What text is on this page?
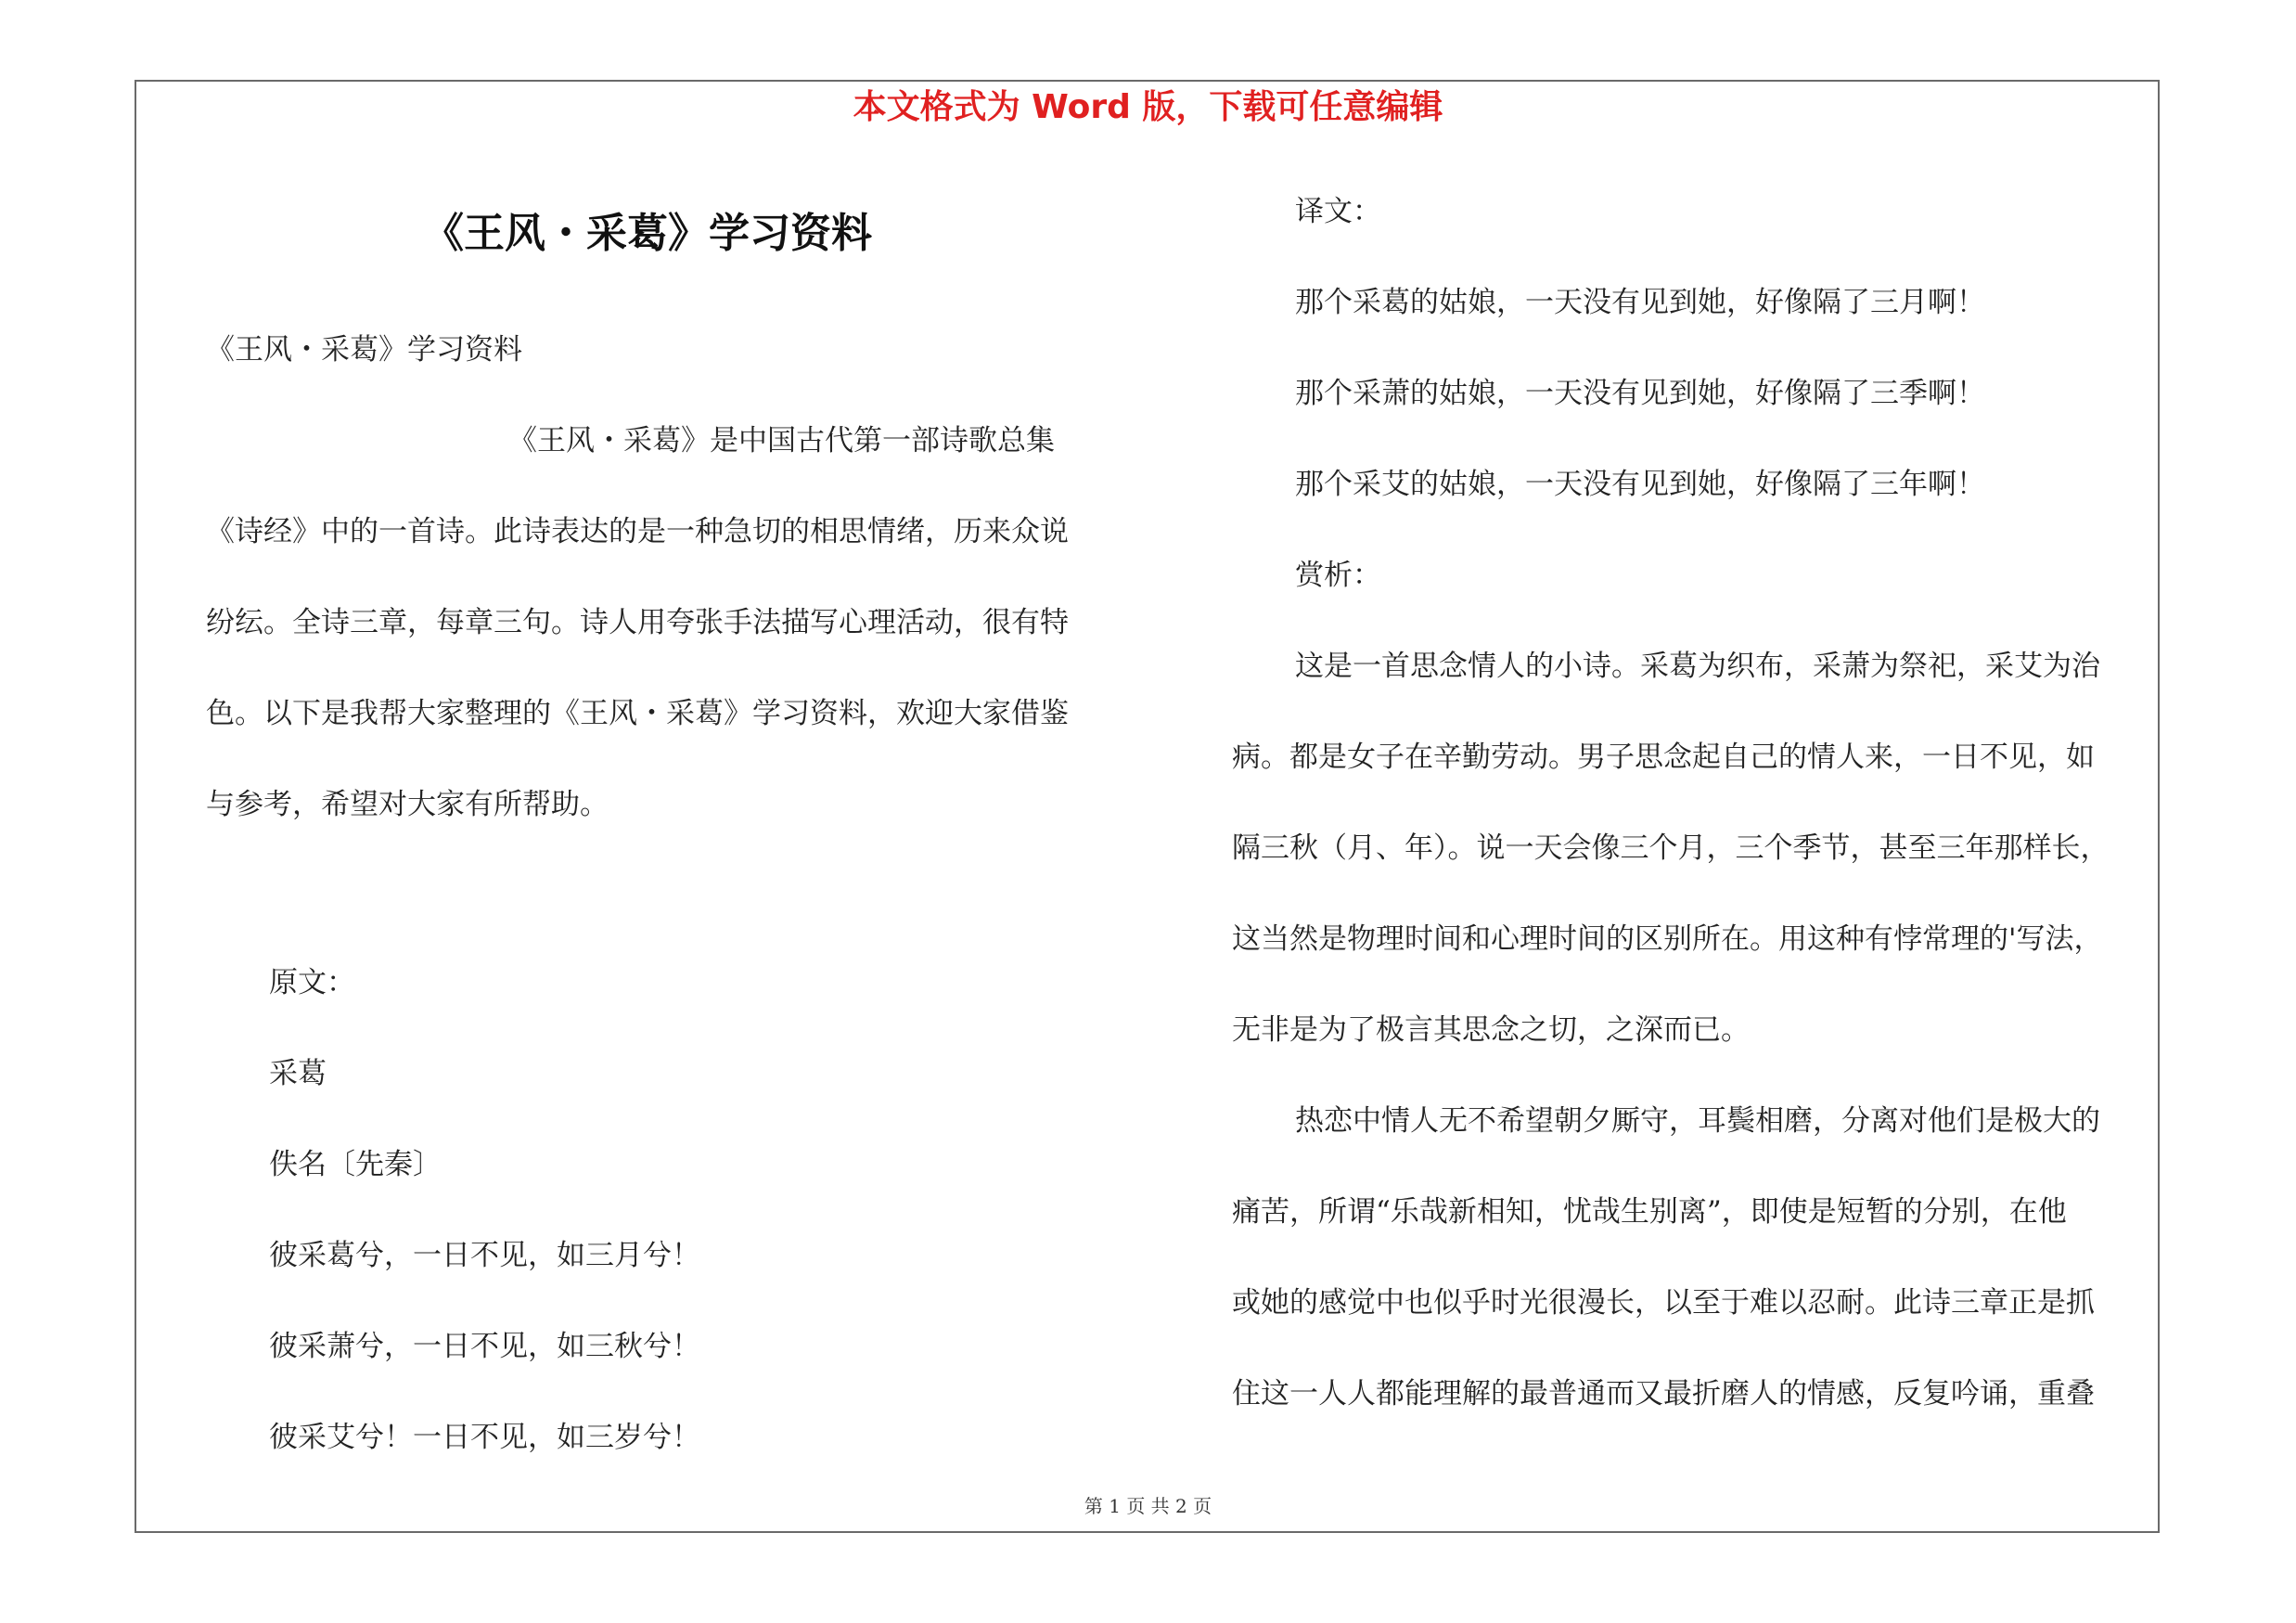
本文格式为 Word 版，下载可任意编辑
《王风・采葛》学习资料

《王风・采葛》学习资料

《王风・采葛》是中国古代第一部诗歌总集

《诗经》中的一首诗。此诗表达的是一种急切的相思情绪，历来众说

纷纭。全诗三章，每章三句。诗人用夸张手法描写心理活动，很有特

色。以下是我帮大家整理的《王风・采葛》学习资料，欢迎大家借鉴

与参考，希望对大家有所帮助。

原文：

采葛

佚名〔先秦〕

彼采葛兮，一日不见，如三月兮！

彼采萧兮，一日不见，如三秋兮！

彼采艾兮！一日不见，如三岁兮！

译文：

那个采葛的姑娘，一天没有见到她，好像隔了三月啊！

那个采萧的姑娘，一天没有见到她，好像隔了三季啊！

那个采艾的姑娘，一天没有见到她，好像隔了三年啊！

赏析：

这是一首思念情人的小诗。采葛为织布，采萧为祭祀，采艾为治

病。都是女子在辛勤劳动。男子思念起自己的情人来，一日不见，如

隔三秋（月、年）。说一天会像三个月，三个季节，甚至三年那样长，

这当然是物理时间和心理时间的区别所在。用这种有悖常理的'写法，

无非是为了极言其思念之切，之深而已。

热恋中情人无不希望朝夕厮守，耳鬓相磨，分离对他们是极大的

痛苦，所谓“乐哉新相知，忧哉生别离”，即使是短暂的分别，在他

或她的感觉中也似乎时光很漫长，以至于难以忍耐。此诗三章正是抓

住这一人人都能理解的最普通而又最折磨人的情感，反复吟诵，重叠

第 1 页 共 2 页
